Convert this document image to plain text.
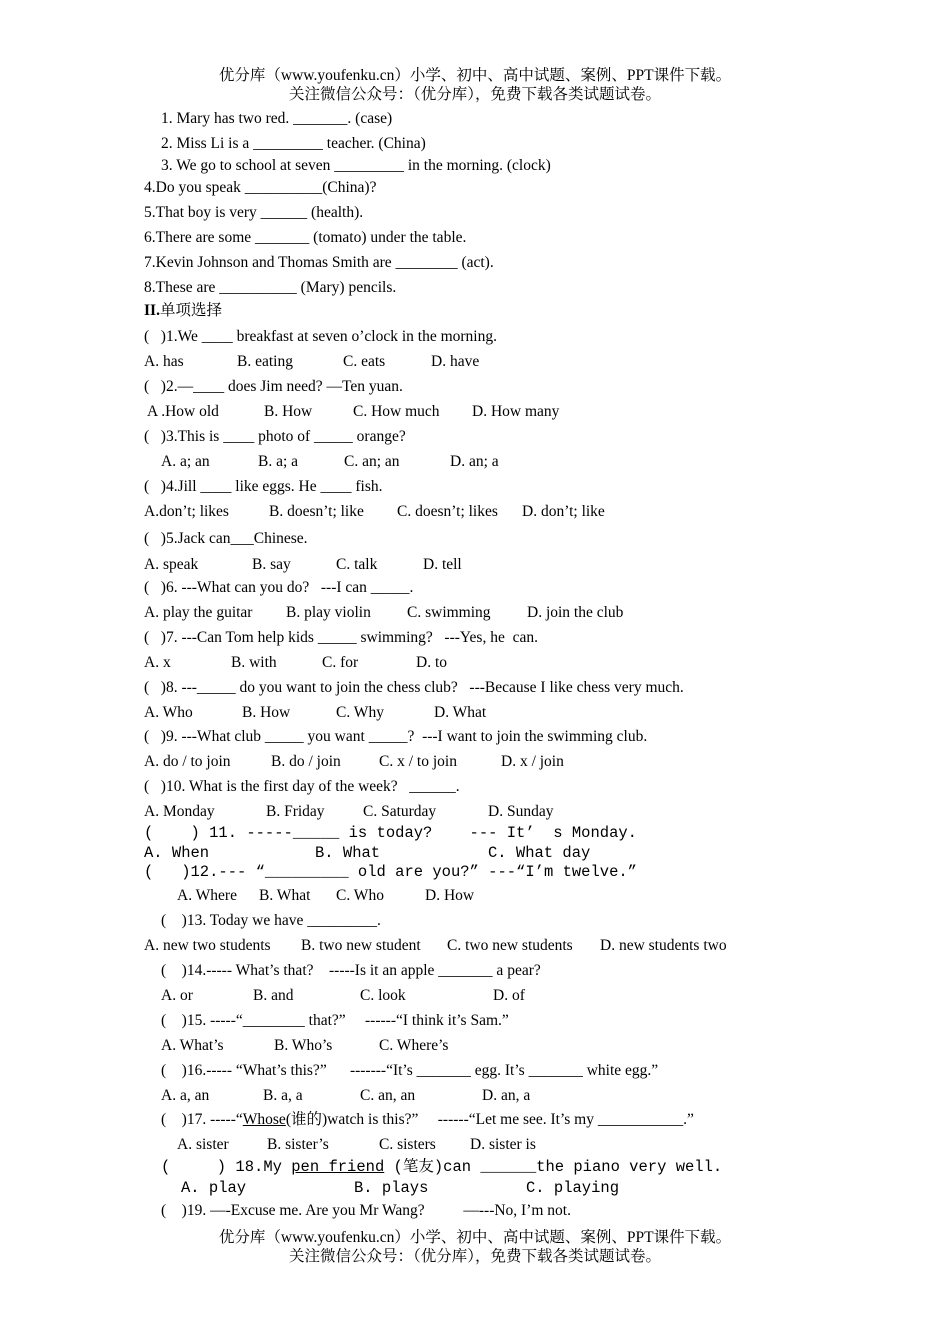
优分库（www.youfenku.cn）小学、初中、高中试题、案例、PPT课件下载。
关注微信公众号：（优分库），免费下载各类试题试卷。
1. Mary has two red. _______. (case)
2. Miss Li is a _________ teacher. (China)
3. We go to school at seven _________ in the morning. (clock)
4.Do you speak __________(China)?
5.That boy is very ______ (health).
6.There are some _______ (tomato) under the table.
7.Kevin Johnson and Thomas Smith are ________ (act).
8.These are __________ (Mary) pencils.
II.单项选择
(   )1.We ____ breakfast at seven o’clock in the morning.
A. has	B. eating	C. eats	D. have
(   )2.—____ does Jim need? —Ten yuan.
A .How old	B. How	C. How much D. How many
(   )3.This is ____ photo of _____ orange?
A. a; an	B. a; a	C. an; an	D. an; a
(   )4.Jill ____ like eggs. He ____ fish.
A.don’t; likes	B. doesn’t; like C. doesn’t; likes D. don’t; like
(   )5.Jack can___Chinese.
A. speak	B. say	C. talk	D. tell
(   )6. ---What can you do?   ---I can _____.
A. play the guitar B. play violin C. swimming D. join the club
(   )7. ---Can Tom help kids _____ swimming?   ---Yes, he  can.
A. x	B. with	C. for	D. to
(   )8. ---_____ do you want to join the chess club?   ---Because I like chess very much.
A. Who	B. How	C. Why	D. What
(   )9. ---What club _____ you want _____?  ---I want to join the swimming club.
A. do / to join	B. do / join C. x / to join	D. x / join
(   )10. What is the first day of the week?   ______.
A. Monday	B. Friday C. Saturday	D. Sunday
(    ) 11. -----_____ is today?    --- It’  s Monday.
A. When	B. What	C. What day
(   )12.--- “_________ old are you?” ---“I’m twelve.”
A. Where B. What C. Who	D. How
(    )13. Today we have _________.
A. new two students B. two new student C. two new students D. new students two
(    )14.----- What’s that?    -----Is it an apple _______ a pear?
A. or	B. and	C. look	D. of
(    )15. -----“________ that?”     ------“I think it’s Sam.”
A. What’s	B. Who’s	C. Where’s
(    )16.----- “What’s this?”      -------“It’s _______ egg. It’s _______ white egg.”
A. a, an	B. a, a	C. an, an	D. an, a
(    )17. -----“Whose(谁的)watch is this?”     ------“Let me see. It’s my ___________.”
A. sister B. sister’s	C. sisters D. sister is
(     ) 18.My pen friend (笔友)can ______the piano very well.
A. play	B. plays	C. playing
(    )19. —-Excuse me. Are you Mr Wang?          —---No, I’m not.
优分库（www.youfenku.cn）小学、初中、高中试题、案例、PPT课件下载。
关注微信公众号：（优分库），免费下载各类试题试卷。
